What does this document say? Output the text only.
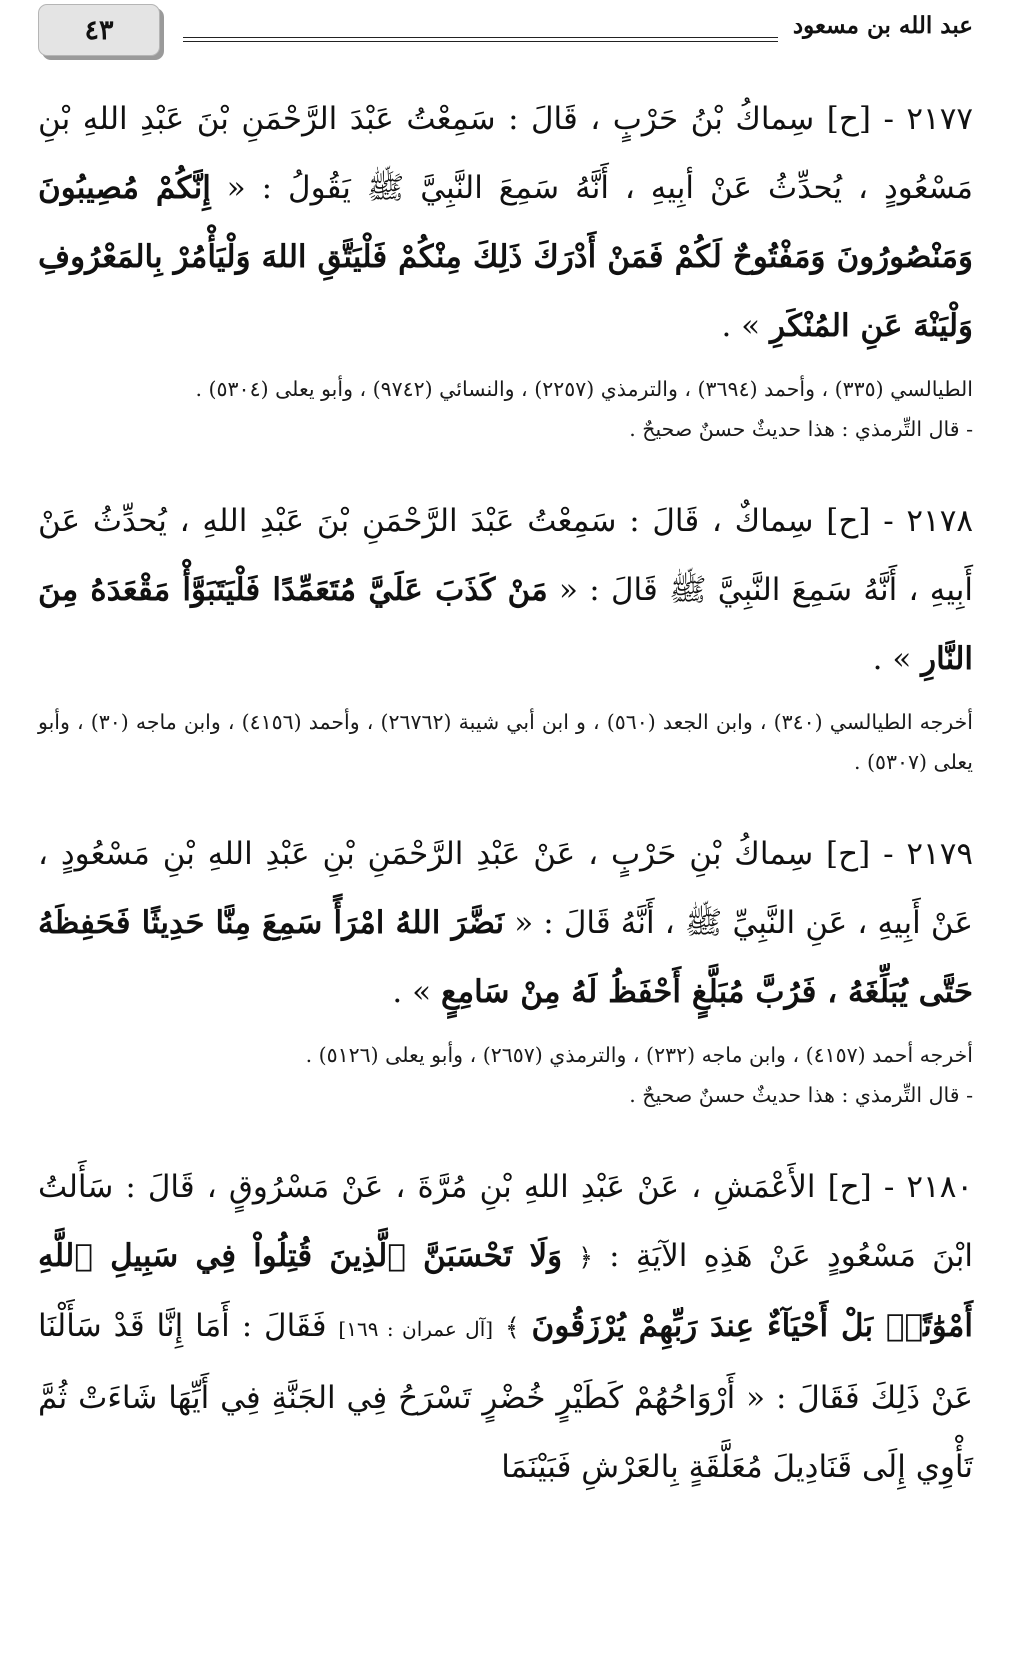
٤٣	عبد الله بن مسعود

٢١٧٧ - [ح] سِماكُ بْنُ حَرْبٍ ، قَالَ : سَمِعْتُ عَبْدَ الرَّحْمَنِ بْنَ عَبْدِ اللهِ بْنِ مَسْعُودٍ ، يُحدِّثُ عَنْ أبِيهِ ، أَنَّهُ سَمِعَ النَّبِيَّ ﷺ يَقُولُ : « إِنَّكُمْ مُصِيبُونَ وَمَنْصُورُونَ وَمَفْتُوحٌ لَكُمْ فَمَنْ أَدْرَكَ ذَلِكَ مِنْكُمْ فَلْيَتَّقِ اللهَ وَلْيَأْمُرْ بِالمَعْرُوفِ وَلْيَنْهَ عَنِ المُنْكَرِ » .

الطيالسي (٣٣٥) ، وأحمد (٣٦٩٤) ، والترمذي (٢٢٥٧) ، والنسائي (٩٧٤٢) ، وأبو يعلى (٥٣٠٤) .

- قال التِّرمذي : هذا حديثٌ حسنٌ صحيحٌ .

٢١٧٨ - [ح] سِماكٌ ، قَالَ : سَمِعْتُ عَبْدَ الرَّحْمَنِ بْنَ عَبْدِ اللهِ ، يُحدِّثُ عَنْ أَبِيهِ ، أَنَّهُ سَمِعَ النَّبِيَّ ﷺ قَالَ : « مَنْ كَذَبَ عَلَيَّ مُتَعَمِّدًا فَلْيَتَبَوَّأْ مَقْعَدَهُ مِنَ النَّارِ » .

أخرجه الطيالسي (٣٤٠) ، وابن الجعد (٥٦٠) ، و ابن أبي شيبة (٢٦٧٦٢) ، وأحمد (٤١٥٦) ، وابن ماجه (٣٠) ، وأبو يعلى (٥٣٠٧) .

٢١٧٩ - [ح] سِماكُ بْنِ حَرْبٍ ، عَنْ عَبْدِ الرَّحْمَنِ بْنِ عَبْدِ اللهِ بْنِ مَسْعُودٍ ، عَنْ أَبِيهِ ، عَنِ النَّبِيِّ ﷺ ، أَنَّهُ قَالَ : « نَضَّرَ اللهُ امْرَأً سَمِعَ مِنَّا حَدِيثًا فَحَفِظَهُ حَتَّى يُبَلِّغَهُ ، فَرُبَّ مُبَلَّغٍ أَحْفَظُ لَهُ مِنْ سَامِعٍ » .

أخرجه أحمد (٤١٥٧) ، وابن ماجه (٢٣٢) ، والترمذي (٢٦٥٧) ، وأبو يعلى (٥١٢٦) .

- قال التِّرمذي : هذا حديثٌ حسنٌ صحيحٌ .

٢١٨٠ - [ح] الأَعْمَشِ ، عَنْ عَبْدِ اللهِ بْنِ مُرَّةَ ، عَنْ مَسْرُوقٍ ، قَالَ : سَأَلتُ ابْنَ مَسْعُودٍ عَنْ هَذِهِ الآيَةِ : ﴿ وَلَا تَحْسَبَنَّ ٱلَّذِينَ قُتِلُواْ فِي سَبِيلِ ٱللَّهِ أَمْوَٰتًاۚ بَلْ أَحْيَآءٌ عِندَ رَبِّهِمْ يُرْزَقُونَ ﴾ [آل عمران : ١٦٩] فَقَالَ : أَمَا إِنَّا قَدْ سَأَلْنَا عَنْ ذَلِكَ فَقَالَ : « أَرْوَاحُهُمْ كَطَيْرٍ خُضْرٍ تَسْرَحُ فِي الجَنَّةِ فِي أَيِّهَا شَاءَتْ ثُمَّ تَأْوِي إِلَى قَنَادِيلَ مُعَلَّقَةٍ بِالعَرْشِ فَبَيْنَمَا
